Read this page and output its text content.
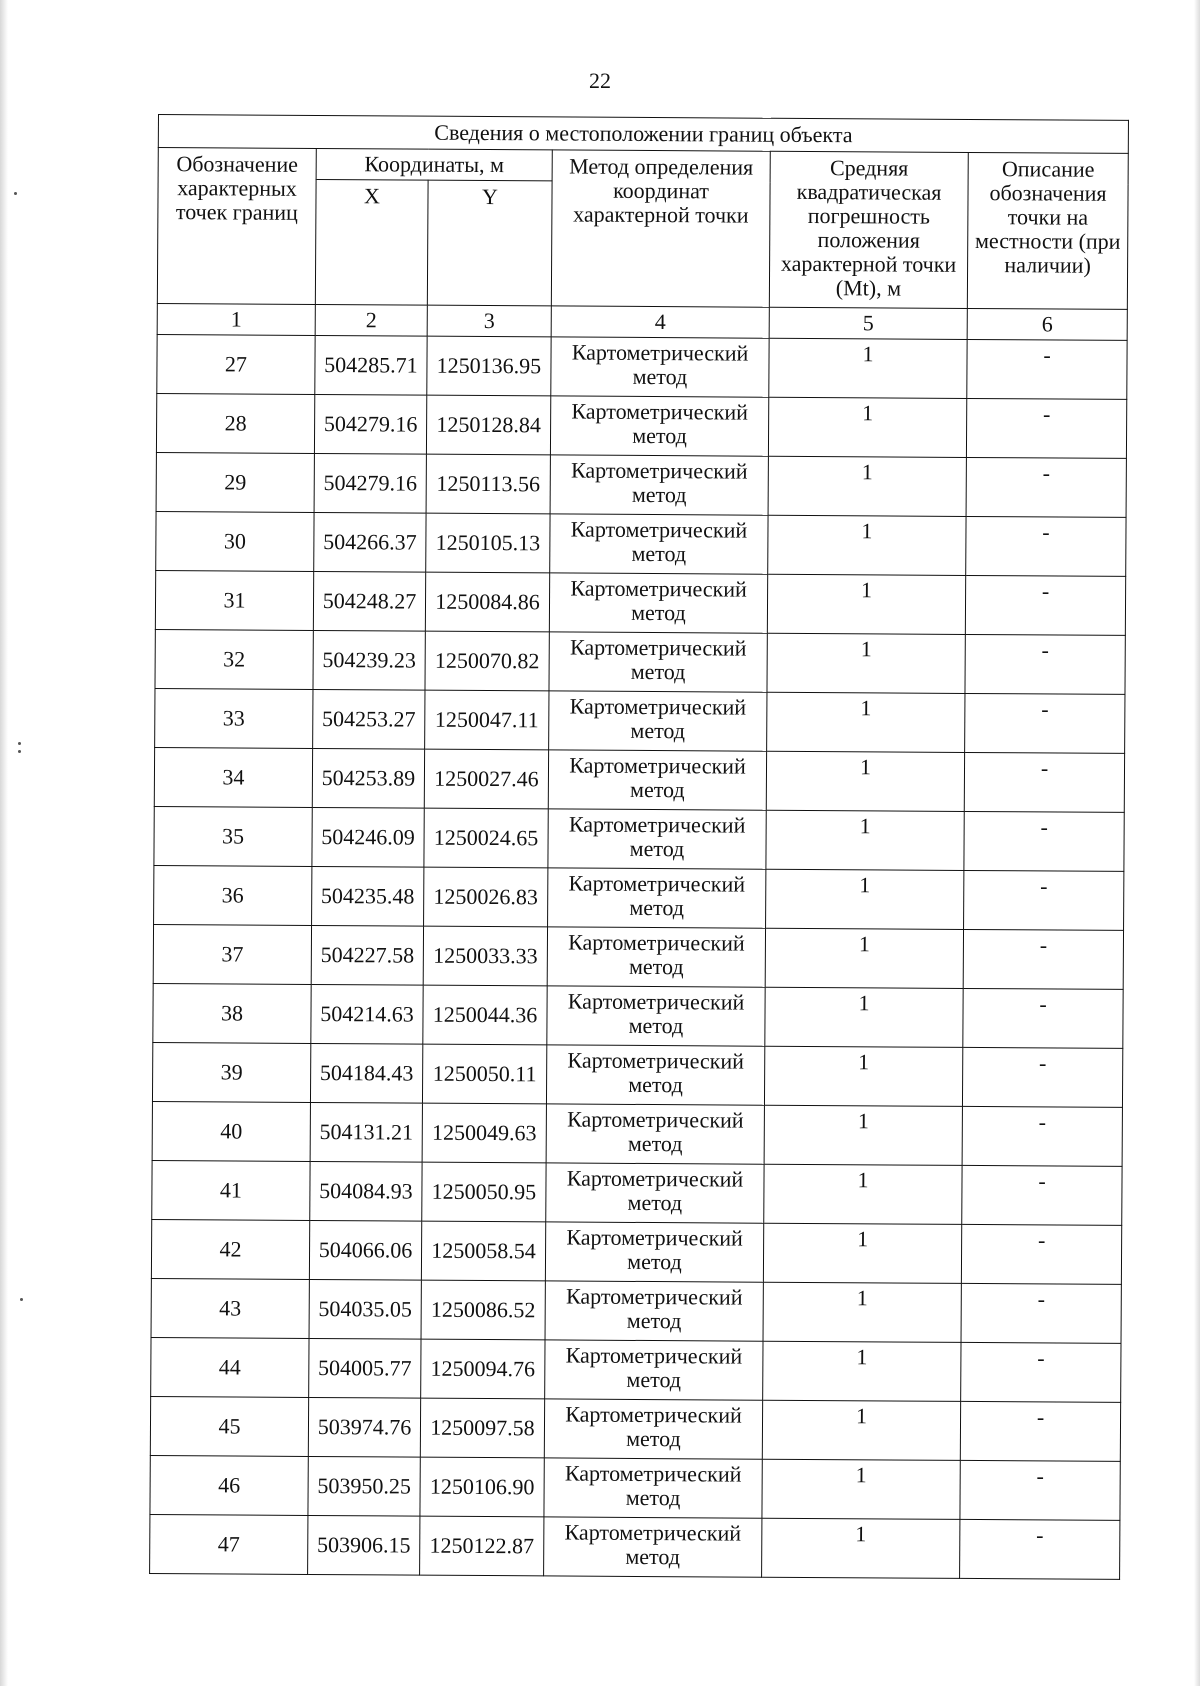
22
Сведения о местоположении границ объекта					
Обозначение характерных точек границ	Координаты, м		Метод определения координат характерной точки	Средняя квадратическая погрешность положения характерной точки (Mt), м	Описание обозначения точки на местности (при наличии)
	X	Y			
1	2	3	4	5	6
27	504285.71	1250136.95	Картометрический метод	1	-
28	504279.16	1250128.84	Картометрический метод	1	-
29	504279.16	1250113.56	Картометрический метод	1	-
30	504266.37	1250105.13	Картометрический метод	1	-
31	504248.27	1250084.86	Картометрический метод	1	-
32	504239.23	1250070.82	Картометрический метод	1	-
33	504253.27	1250047.11	Картометрический метод	1	-
34	504253.89	1250027.46	Картометрический метод	1	-
35	504246.09	1250024.65	Картометрический метод	1	-
36	504235.48	1250026.83	Картометрический метод	1	-
37	504227.58	1250033.33	Картометрический метод	1	-
38	504214.63	1250044.36	Картометрический метод	1	-
39	504184.43	1250050.11	Картометрический метод	1	-
40	504131.21	1250049.63	Картометрический метод	1	-
41	504084.93	1250050.95	Картометрический метод	1	-
42	504066.06	1250058.54	Картометрический метод	1	-
43	504035.05	1250086.52	Картометрический метод	1	-
44	504005.77	1250094.76	Картометрический метод	1	-
45	503974.76	1250097.58	Картометрический метод	1	-
46	503950.25	1250106.90	Картометрический метод	1	-
47	503906.15	1250122.87	Картометрический метод	1	-
